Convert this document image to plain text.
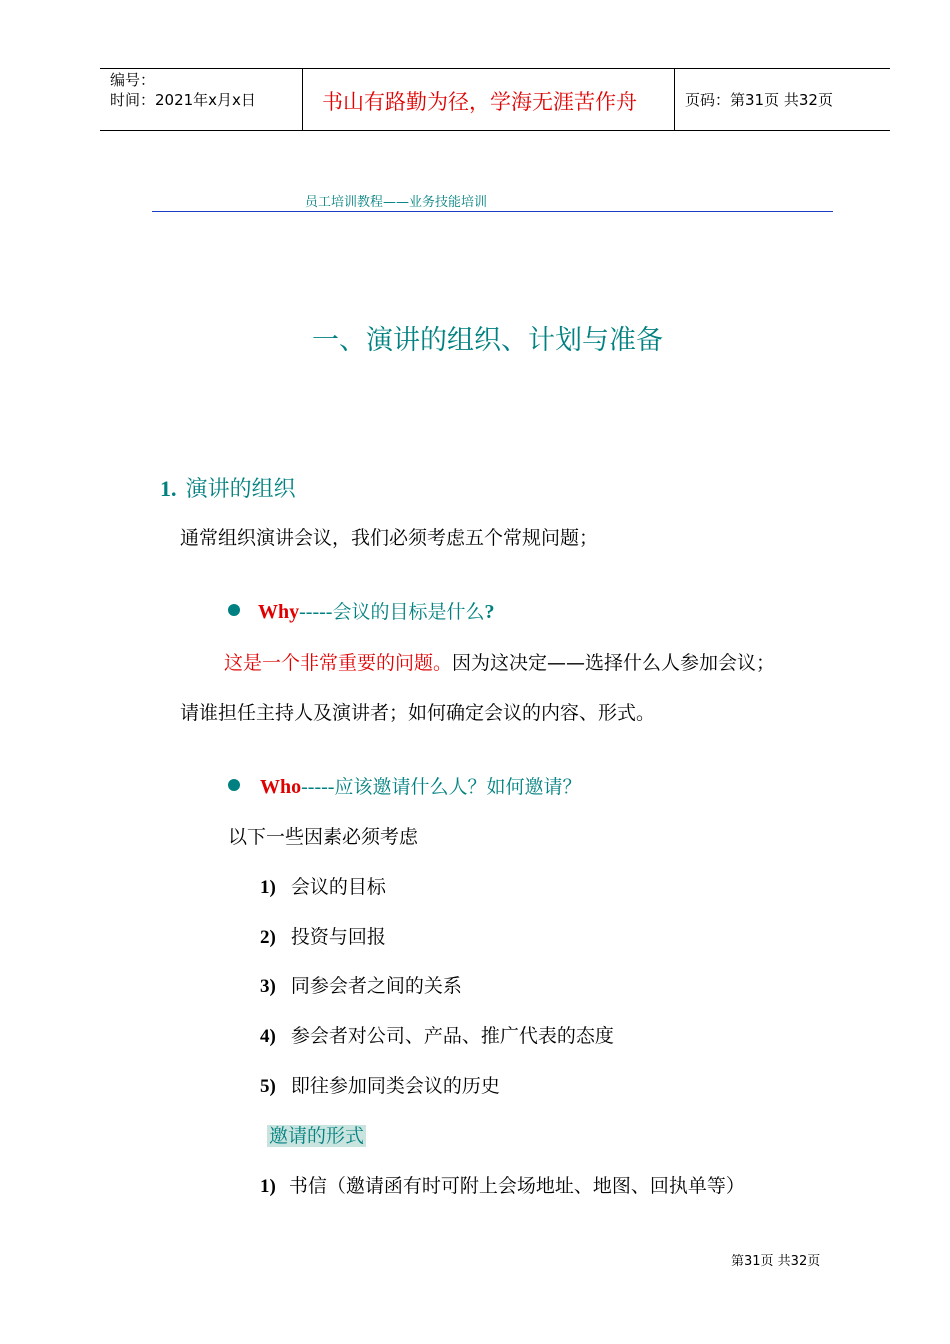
编号：
时间：2021年x月x日	书山有路勤为径，学海无涯苦作舟	页码：第31页 共32页
员工培训教程——业务技能培训
一、演讲的组织、计划与准备
1. 演讲的组织
通常组织演讲会议，我们必须考虑五个常规问题；
Why-----会议的目标是什么?
这是一个非常重要的问题。因为这决定——选择什么人参加会议；
请谁担任主持人及演讲者；如何确定会议的内容、形式。
Who-----应该邀请什么人？如何邀请？
以下一些因素必须考虑
1) 会议的目标
2) 投资与回报
3) 同参会者之间的关系
4) 参会者对公司、产品、推广代表的态度
5) 即往参加同类会议的历史
邀请的形式
1) 书信（邀请函有时可附上会场地址、地图、回执单等）
第31页 共32页
